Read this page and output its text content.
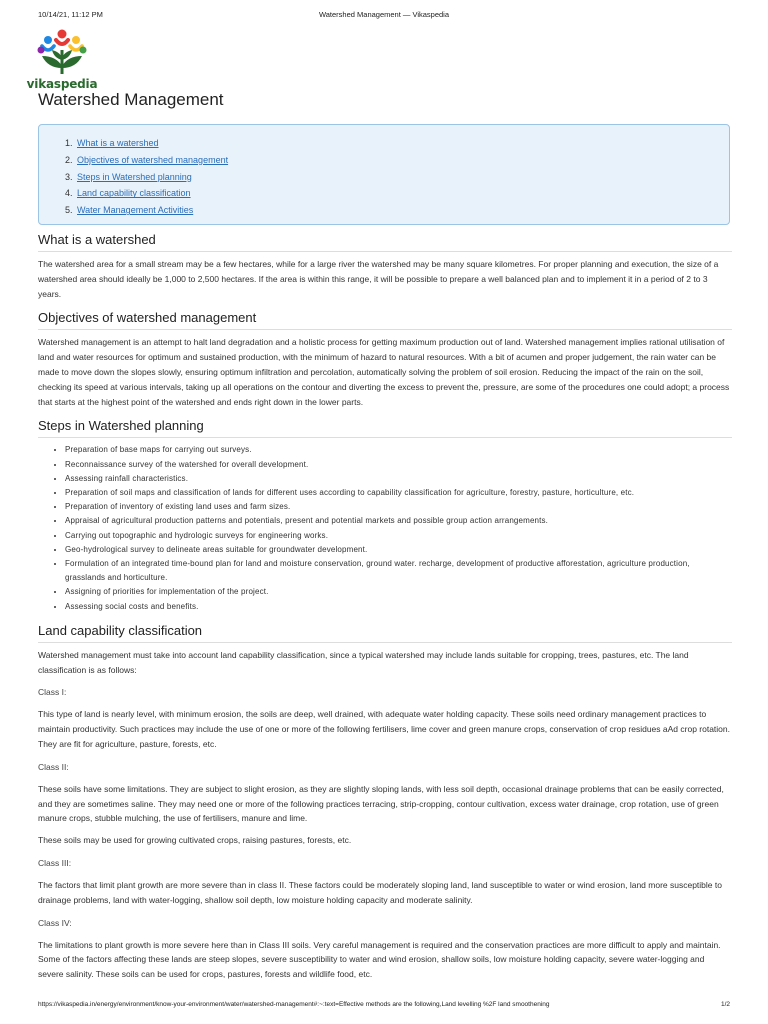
10/14/21, 11:12 PM	Watershed Management — Vikaspedia
vikaspedia
Watershed Management
1. What is a watershed
2. Objectives of watershed management
3. Steps in Watershed planning
4. Land capability classification
5. Water Management Activities
What is a watershed

The watershed area for a small stream may be a few hectares, while for a large river the watershed may be many square kilometres. For proper planning and execution, the size of a watershed area should ideally be 1,000 to 2,500 hectares. If the area is within this range, it will be possible to prepare a well balanced plan and to implement it in a period of 2 to 3 years.

Objectives of watershed management

Watershed management is an attempt to halt land degradation and a holistic process for getting maximum production out of land. Watershed management implies rational utilisation of land and water resources for optimum and sustained production, with the minimum of hazard to natural resources. With a bit of acumen and proper judgement, the rain water can be made to move down the slopes slowly, ensuring optimum infiltration and percolation, automatically solving the problem of soil erosion. Reducing the impact of the rain on the soil, checking its speed at various intervals, taking up all operations on the contour and diverting the excess to prevent the, pressure, are some of the procedures one could adopt; a process that starts at the highest point of the watershed and ends right down in the lower parts.

Steps in Watershed planning
• Preparation of base maps for carrying out surveys.
• Reconnaissance survey of the watershed for overall development.
• Assessing rainfall characteristics.
• Preparation of soil maps and classification of lands for different uses according to capability classification for agriculture, forestry, pasture, horticulture, etc.
• Preparation of inventory of existing land uses and farm sizes.
• Appraisal of agricultural production patterns and potentials, present and potential markets and possible group action arrangements.
• Carrying out topographic and hydrologic surveys for engineering works.
• Geo-hydrological survey to delineate areas suitable for groundwater development.
• Formulation of an integrated time-bound plan for land and moisture conservation, ground water. recharge, development of productive afforestation, agriculture production, grasslands and horticulture.
• Assigning of priorities for implementation of the project.
• Assessing social costs and benefits.
Land capability classification

Watershed management must take into account land capability classification, since a typical watershed may include lands suitable for cropping, trees, pastures, etc. The land classification is as follows:

Class I:

This type of land is nearly level, with minimum erosion, the soils are deep, well drained, with adequate water holding capacity. These soils need ordinary management practices to maintain productivity. Such practices may include the use of one or more of the following fertilisers, lime cover and green manure crops, conservation of crop residues aAd crop rotation. They are fit for agriculture, pasture, forests, etc.

Class II:

These soils have some limitations. They are subject to slight erosion, as they are slightly sloping lands, with less soil depth, occasional drainage problems that can be easily corrected, and they are sometimes saline. They may need one or more of the following practices terracing, strip-cropping, contour cultivation, excess water drainage, crop rotation, use of green manure crops, stubble mulching, the use of fertilisers, manure and lime.

These soils may be used for growing cultivated crops, raising pastures, forests, etc.

Class III:

The factors that limit plant growth are more severe than in class II. These factors could be moderately sloping land, land susceptible to water or wind erosion, land more susceptible to drainage problems, land with water-logging, shallow soil depth, low moisture holding capacity and moderate salinity.

Class IV:

The limitations to plant growth is more severe here than in Class III soils. Very careful management is required and the conservation practices are more difficult to apply and maintain. Some of the factors affecting these lands are steep slopes, severe susceptibility to water and wind erosion, shallow soils, low moisture holding capacity, severe water-logging and severe salinity. These soils can be used for crops, pastures, forests and wildlife food, etc.

https://vikaspedia.in/energy/environment/know-your-environment/water/watershed-management#:~:text=Effective methods are the following,Land levelling %2F land smoothening	1/2
